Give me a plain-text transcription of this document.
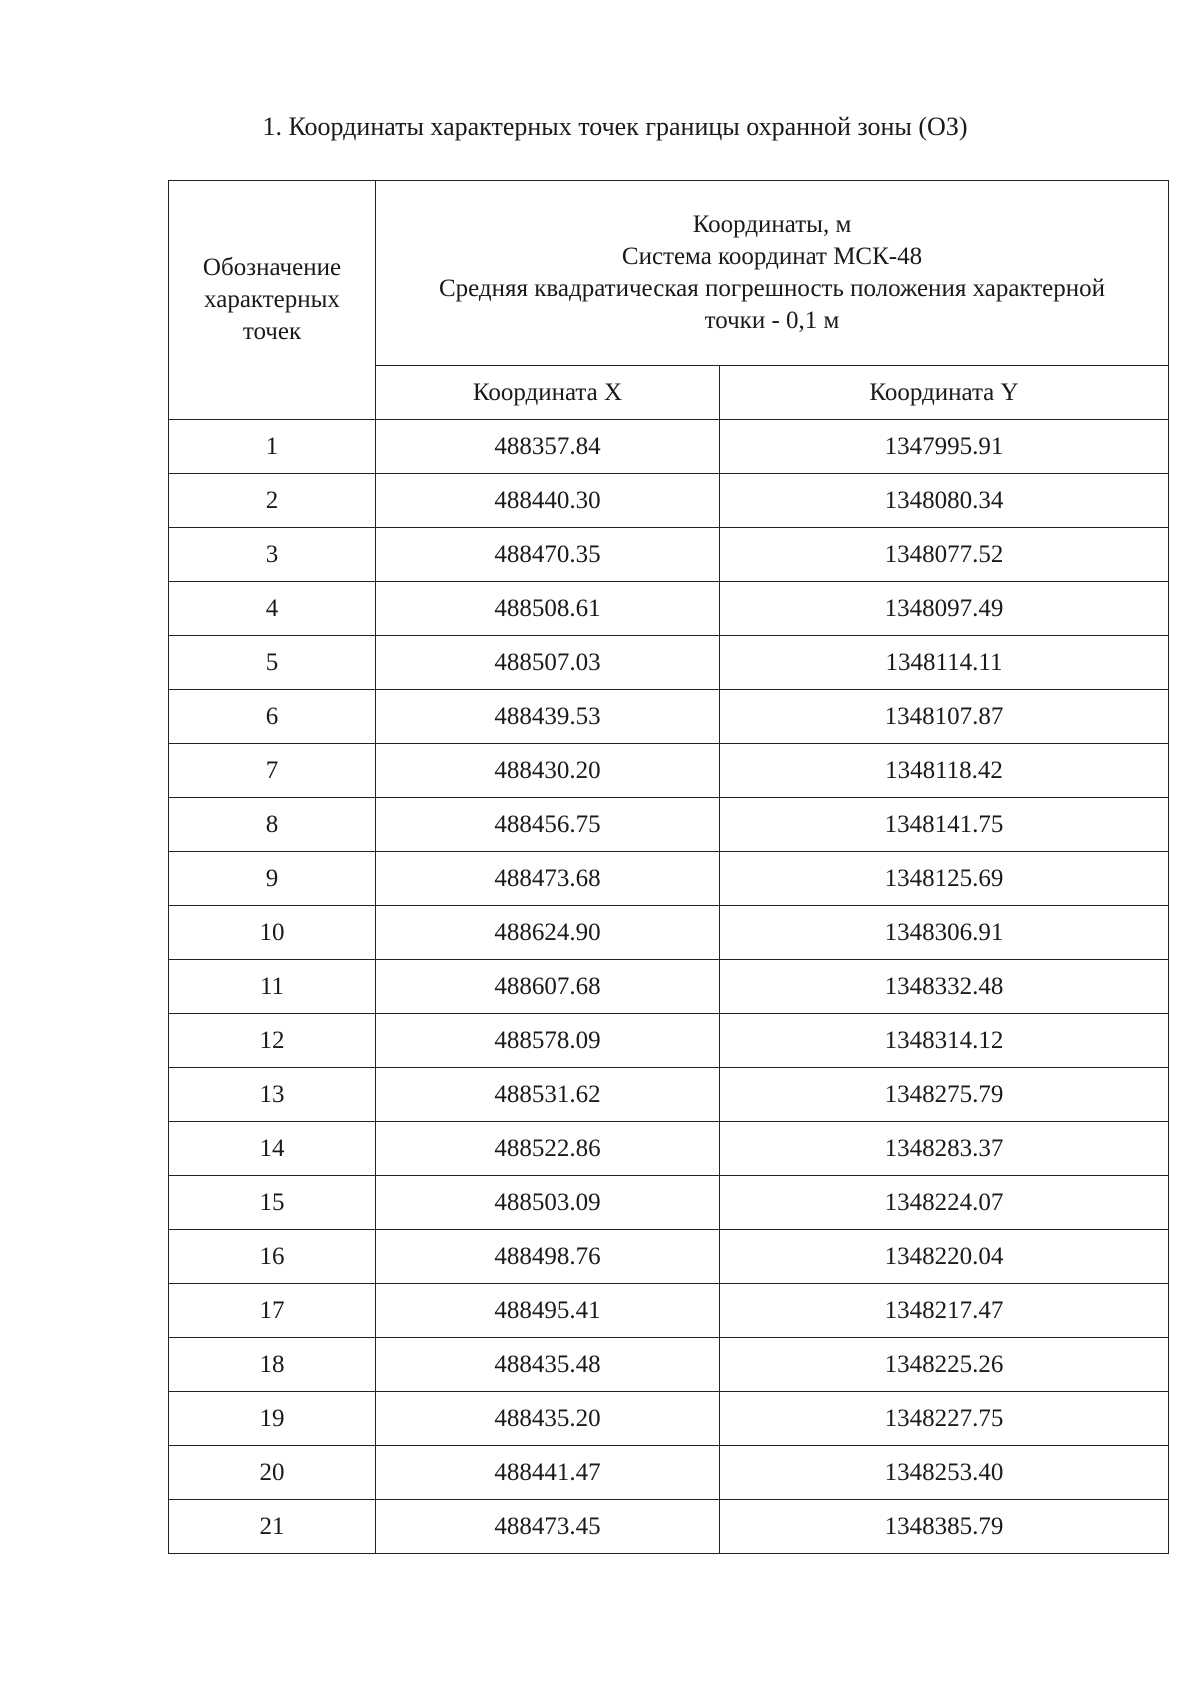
1. Координаты характерных точек границы охранной зоны (ОЗ)
Обозначение
характерных
точек	Координаты, м
Система координат МСК-48
Средняя квадратическая погрешность положения характерной
точки - 0,1 м	

	Координата X	Координата Y
1	488357.84	1347995.91
2	488440.30	1348080.34
3	488470.35	1348077.52
4	488508.61	1348097.49
5	488507.03	1348114.11
6	488439.53	1348107.87
7	488430.20	1348118.42
8	488456.75	1348141.75
9	488473.68	1348125.69
10	488624.90	1348306.91
11	488607.68	1348332.48
12	488578.09	1348314.12
13	488531.62	1348275.79
14	488522.86	1348283.37
15	488503.09	1348224.07
16	488498.76	1348220.04
17	488495.41	1348217.47
18	488435.48	1348225.26
19	488435.20	1348227.75
20	488441.47	1348253.40
21	488473.45	1348385.79
